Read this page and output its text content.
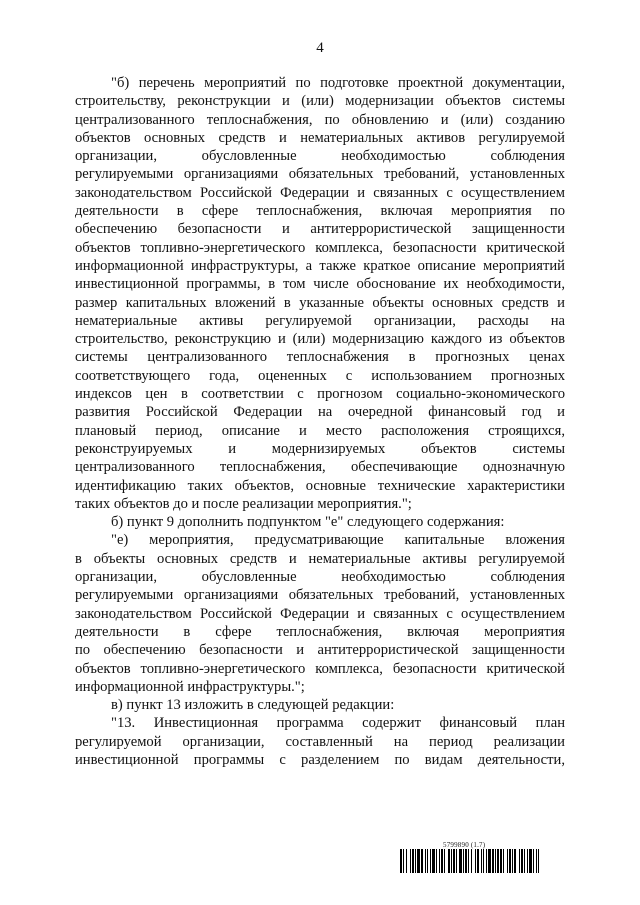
4
"б) перечень мероприятий по подготовке проектной документации,
строительству, реконструкции и (или) модернизации объектов системы
централизованного теплоснабжения, по обновлению и (или) созданию
объектов основных средств и нематериальных активов регулируемой
организации, обусловленные необходимостью соблюдения
регулируемыми организациями обязательных требований, установленных
законодательством Российской Федерации и связанных с осуществлением
деятельности в сфере теплоснабжения, включая мероприятия по
обеспечению безопасности и антитеррористической защищенности
объектов топливно-энергетического комплекса, безопасности критической
информационной инфраструктуры, а также краткое описание мероприятий
инвестиционной программы, в том числе обоснование их необходимости,
размер капитальных вложений в указанные объекты основных средств и
нематериальные активы регулируемой организации, расходы на
строительство, реконструкцию и (или) модернизацию каждого из объектов
системы централизованного теплоснабжения в прогнозных ценах
соответствующего года, оцененных с использованием прогнозных
индексов цен в соответствии с прогнозом социально-экономического
развития Российской Федерации на очередной финансовый год и
плановый период, описание и место расположения строящихся,
реконструируемых и модернизируемых объектов системы
централизованного теплоснабжения, обеспечивающие однозначную
идентификацию таких объектов, основные технические характеристики
таких объектов до и после реализации мероприятия.";
б) пункт 9 дополнить подпунктом "е" следующего содержания:
"е) мероприятия, предусматривающие капитальные вложения
в объекты основных средств и нематериальные активы регулируемой
организации, обусловленные необходимостью соблюдения
регулируемыми организациями обязательных требований, установленных
законодательством Российской Федерации и связанных с осуществлением
деятельности в сфере теплоснабжения, включая мероприятия
по обеспечению безопасности и антитеррористической защищенности
объектов топливно-энергетического комплекса, безопасности критической
информационной инфраструктуры.";
в) пункт 13 изложить в следующей редакции:
"13. Инвестиционная программа содержит финансовый план
регулируемой организации, составленный на период реализации
инвестиционной программы с разделением по видам деятельности,
5799890 (1.7)
